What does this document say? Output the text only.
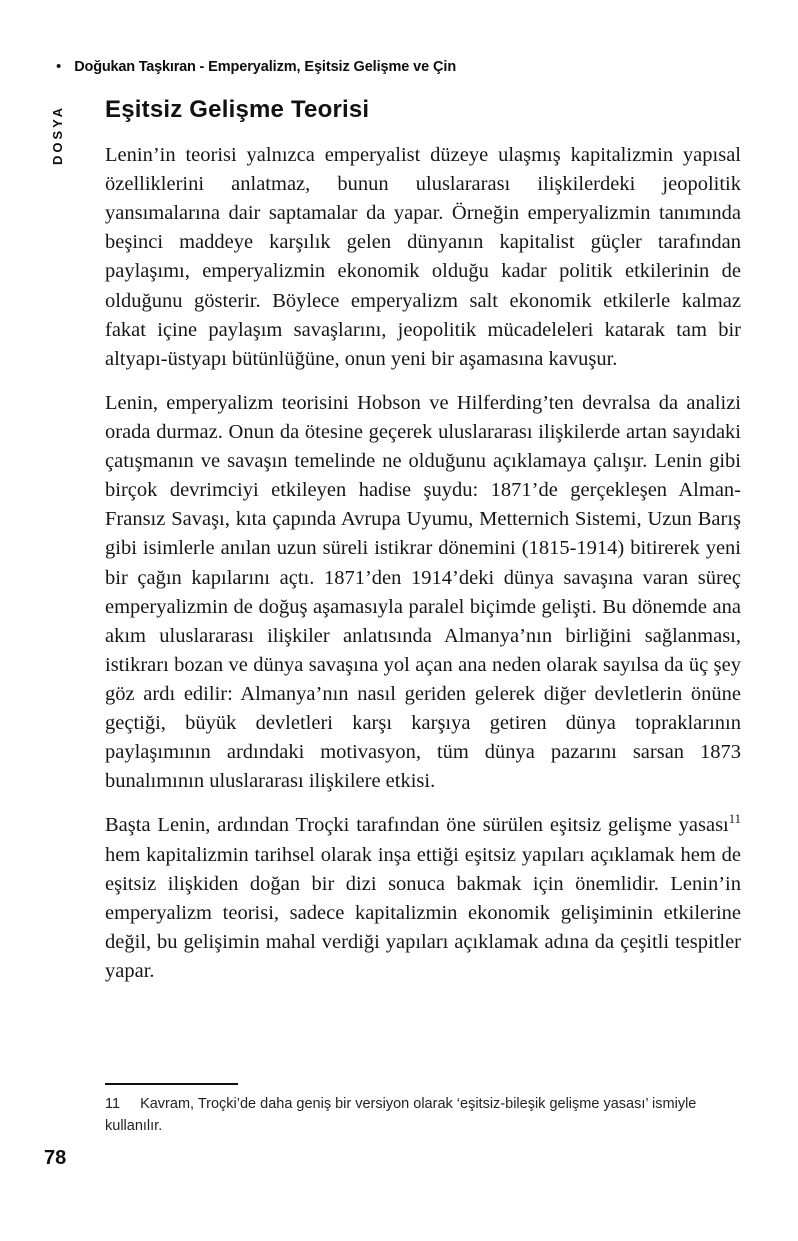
• Doğukan Taşkıran - Emperyalizm, Eşitsiz Gelişme ve Çin
DOSYA Eşitsiz Gelişme Teorisi

Lenin’in teorisi yalnızca emperyalist düzeye ulaşmış kapitalizmin yapısal özelliklerini anlatmaz, bunun uluslararası ilişkilerdeki jeopolitik yansımalarına dair saptamalar da yapar. Örneğin emperyalizmin tanımında beşinci maddeye karşılık gelen dünyanın kapitalist güçler tarafından paylaşımı, emperyalizmin ekonomik olduğu kadar politik etkilerinin de olduğunu gösterir. Böylece emperyalizm salt ekonomik etkilerle kalmaz fakat içine paylaşım savaşlarını, jeopolitik mücadeleleri katarak tam bir altyapı-üstyapı bütünlüğüne, onun yeni bir aşamasına kavuşur.

Lenin, emperyalizm teorisini Hobson ve Hilferding’ten devralsa da analizi orada durmaz. Onun da ötesine geçerek uluslararası ilişkilerde artan sayıdaki çatışmanın ve savaşın temelinde ne olduğunu açıklamaya çalışır. Lenin gibi birçok devrimciyi etkileyen hadise şuydu: 1871’de gerçekleşen Alman-Fransız Savaşı, kıta çapında Avrupa Uyumu, Metternich Sistemi, Uzun Barış gibi isimlerle anılan uzun süreli istikrar dönemini (1815-1914) bitirerek yeni bir çağın kapılarını açtı. 1871’den 1914’deki dünya savaşına varan süreç emperyalizmin de doğuş aşamasıyla paralel biçimde gelişti. Bu dönemde ana akım uluslararası ilişkiler anlatısında Almanya’nın birliğini sağlanması, istikrarı bozan ve dünya savaşına yol açan ana neden olarak sayılsa da üç şey göz ardı edilir: Almanya’nın nasıl geriden gelerek diğer devletlerin önüne geçtiği, büyük devletleri karşı karşıya getiren dünya topraklarının paylaşımının ardındaki motivasyon, tüm dünya pazarını sarsan 1873 bunalımının uluslararası ilişkilere etkisi.

Başta Lenin, ardından Troçki tarafından öne sürülen eşitsiz gelişme yasası$^{11}$ hem kapitalizmin tarihsel olarak inşa ettiği eşitsiz yapıları açıklamak hem de eşitsiz ilişkiden doğan bir dizi sonuca bakmak için önemlidir. Lenin’in emperyalizm teorisi, sadece kapitalizmin ekonomik gelişiminin etkilerine değil, bu gelişimin mahal verdiği yapıları açıklamak adına da çeşitli tespitler yapar.

11 Kavram, Troçki’de daha geniş bir versiyon olarak ‘eşitsiz-bileşik gelişme yasası’ ismiyle kullanılır.
78
